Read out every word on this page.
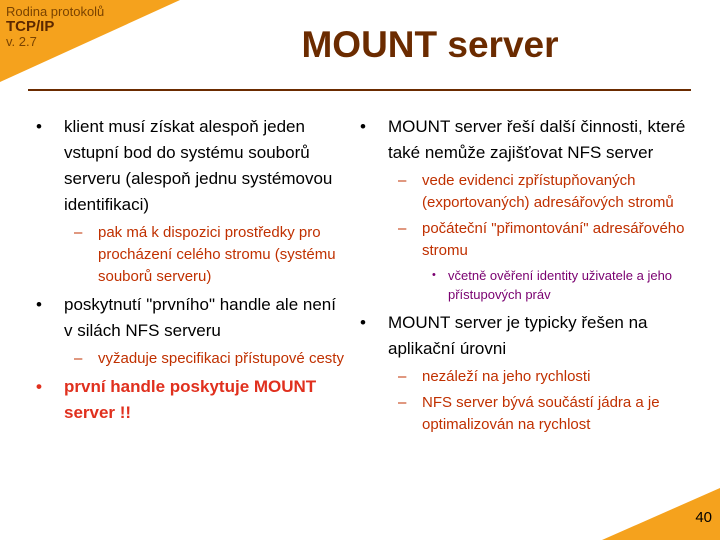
Rodina protokolů
TCP/IP
v. 2.7	MOUNT server
• klient musí získat alespoň jeden vstupní bod do systému souborů serveru (alespoň jednu systémovou identifikaci)
– pak má k dispozici prostředky pro procházení celého stromu (systému souborů serveru)
• poskytnutí "prvního" handle ale není v silách NFS serveru
– vyžaduje specifikaci přístupové cesty
• první handle poskytuje MOUNT server !!
• MOUNT server řeší další činnosti, které také nemůže zajišťovat NFS server
– vede evidenci zpřístupňovaných (exportovaných) adresářových stromů
– počáteční "přimontování" adresářového stromu
• včetně ověření identity uživatele a jeho přístupových práv
• MOUNT server je typicky řešen na aplikační úrovni
– nezáleží na jeho rychlosti
– NFS server bývá součástí jádra a je optimalizován na rychlost
40
